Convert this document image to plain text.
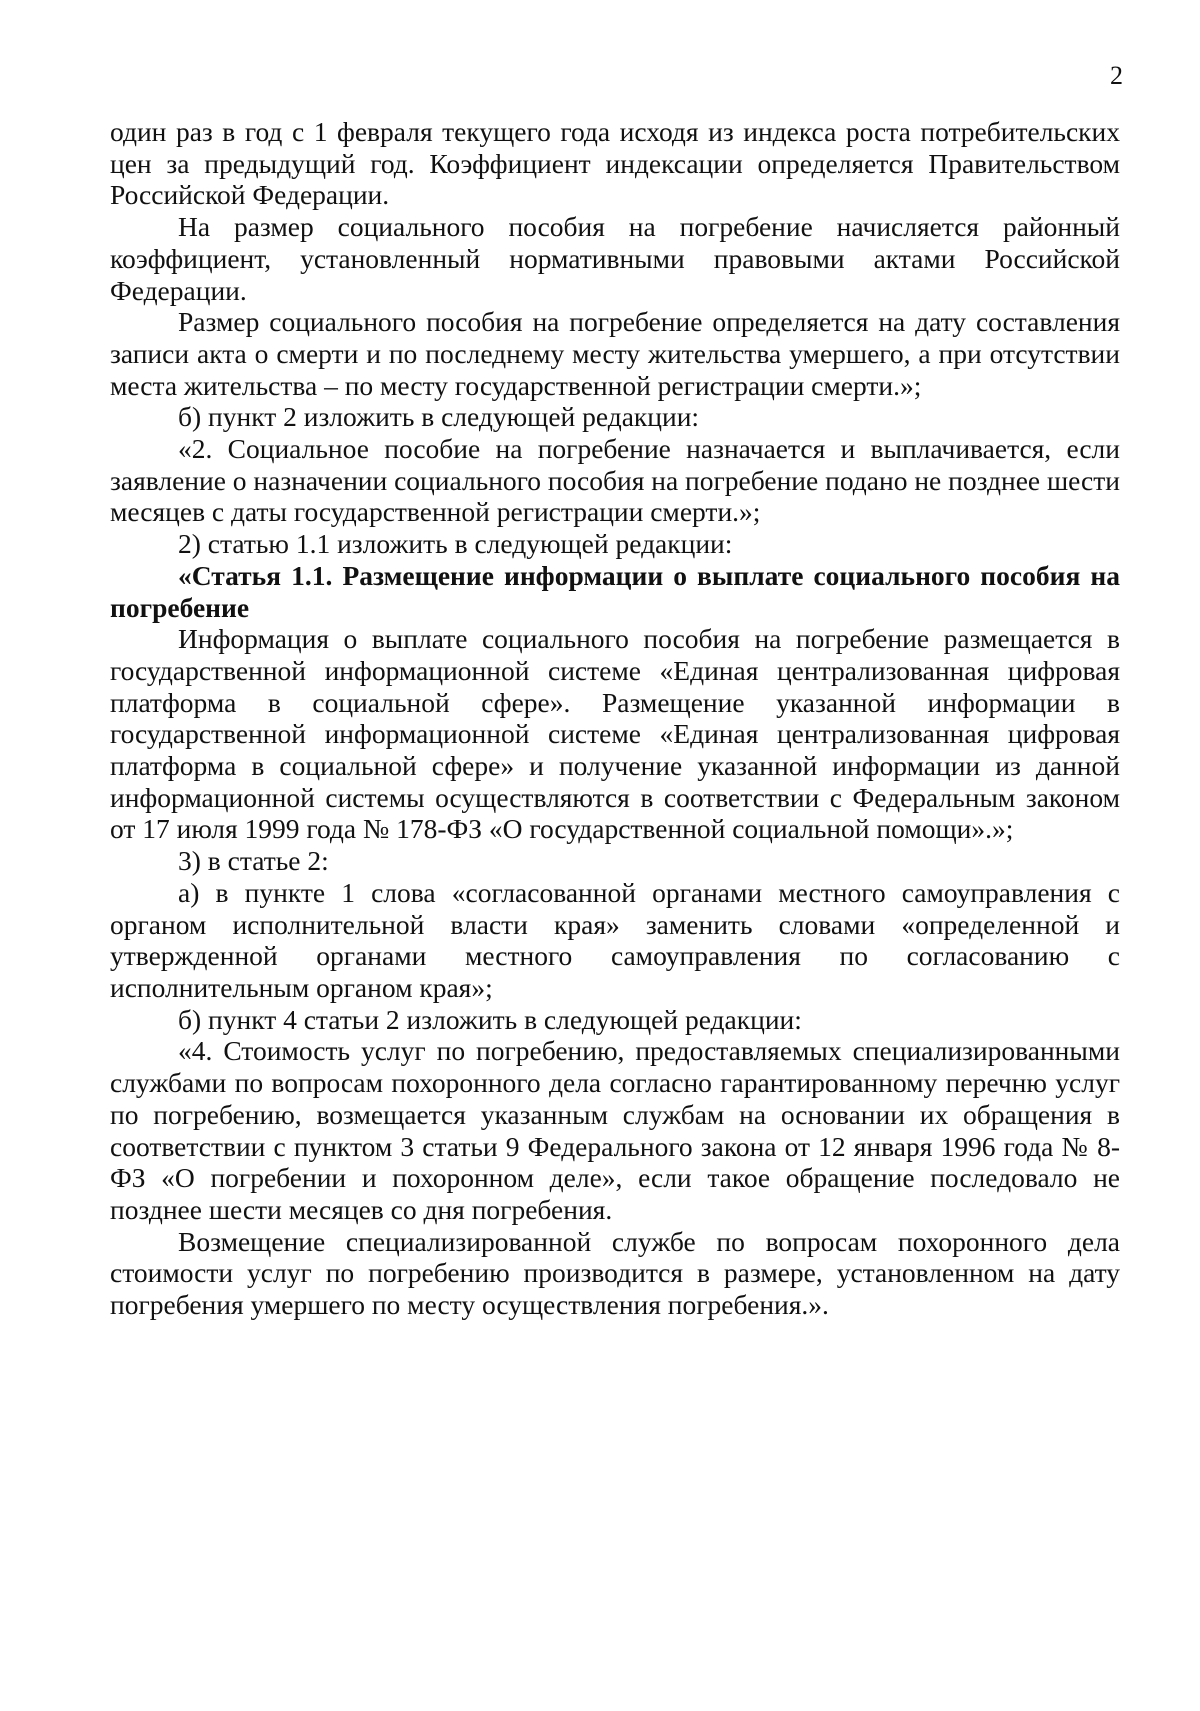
2

один раз в год с 1 февраля текущего года исходя из индекса роста потребительских цен за предыдущий год. Коэффициент индексации определяется Правительством Российской Федерации.

На размер социального пособия на погребение начисляется районный коэффициент, установленный нормативными правовыми актами Российской Федерации.

Размер социального пособия на погребение определяется на дату составления записи акта о смерти и по последнему месту жительства умершего, а при отсутствии места жительства – по месту государственной регистрации смерти.»;

б) пункт 2 изложить в следующей редакции:

«2. Социальное пособие на погребение назначается и выплачивается, если заявление о назначении социального пособия на погребение подано не позднее шести месяцев с даты государственной регистрации смерти.»;

2) статью 1.1 изложить в следующей редакции:

«Статья 1.1. Размещение информации о выплате социального пособия на погребение

Информация о выплате социального пособия на погребение размещается в государственной информационной системе «Единая централизованная цифровая платформа в социальной сфере». Размещение указанной информации в государственной информационной системе «Единая централизованная цифровая платформа в социальной сфере» и получение указанной информации из данной информационной системы осуществляются в соответствии с Федеральным законом от 17 июля 1999 года № 178-ФЗ «О государственной социальной помощи».»;

3) в статье 2:

а) в пункте 1 слова «согласованной органами местного самоуправления с органом исполнительной власти края» заменить словами «определенной и утвержденной органами местного самоуправления по согласованию с исполнительным органом края»;

б) пункт 4 статьи 2 изложить в следующей редакции:

«4. Стоимость услуг по погребению, предоставляемых специализированными службами по вопросам похоронного дела согласно гарантированному перечню услуг по погребению, возмещается указанным службам на основании их обращения в соответствии с пунктом 3 статьи 9 Федерального закона от 12 января 1996 года № 8-ФЗ «О погребении и похоронном деле», если такое обращение последовало не позднее шести месяцев со дня погребения.

Возмещение специализированной службе по вопросам похоронного дела стоимости услуг по погребению производится в размере, установленном на дату погребения умершего по месту осуществления погребения.».
